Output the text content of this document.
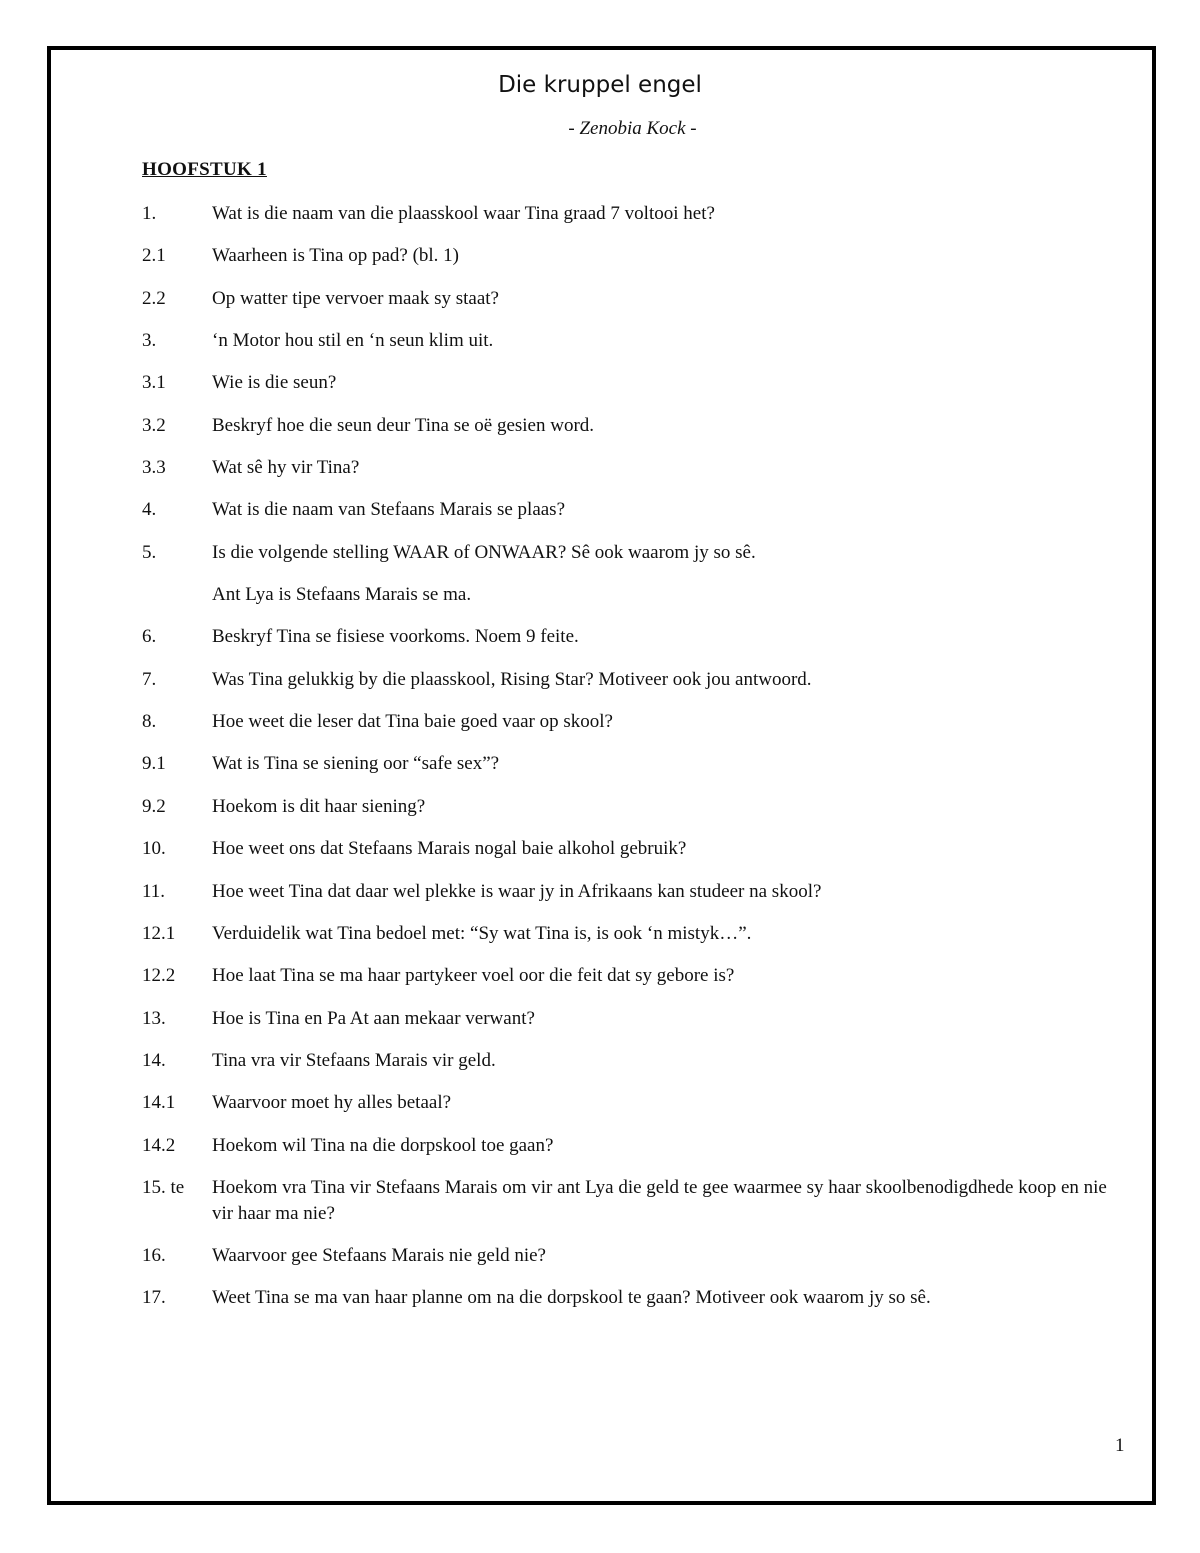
Die kruppel engel
- Zenobia Kock -
HOOFSTUK 1
1.	Wat is die naam van die plaasskool waar Tina graad 7 voltooi het?
2.1	Waarheen is Tina op pad? (bl. 1)
2.2	Op watter tipe vervoer maak sy staat?
3.	‘n Motor hou stil en ‘n seun klim uit.
3.1	Wie is die seun?
3.2	Beskryf hoe die seun deur Tina se oë gesien word.
3.3	Wat sê hy vir Tina?
4.	Wat is die naam van Stefaans Marais se plaas?
5.	Is die volgende stelling WAAR of ONWAAR? Sê ook waarom jy so sê.
Ant Lya is Stefaans Marais se ma.
6.	Beskryf Tina se fisiese voorkoms. Noem 9 feite.
7.	Was Tina gelukkig by die plaasskool, Rising Star? Motiveer ook jou antwoord.
8.	Hoe weet die leser dat Tina baie goed vaar op skool?
9.1	Wat is Tina se siening oor “safe sex”?
9.2	Hoekom is dit haar siening?
10.	Hoe weet ons dat Stefaans Marais nogal baie alkohol gebruik?
11.	Hoe weet Tina dat daar wel plekke is waar jy in Afrikaans kan studeer na skool?
12.1	Verduidelik wat Tina bedoel met: “Sy wat Tina is, is ook ‘n mistyk…”.
12.2	Hoe laat Tina se ma haar partykeer voel oor die feit dat sy gebore is?
13.	Hoe is Tina en Pa At aan mekaar verwant?
14.	Tina vra vir Stefaans Marais vir geld.
14.1	Waarvoor moet hy alles betaal?
14.2	Hoekom wil Tina na die dorpskool toe gaan?
15. te	Hoekom vra Tina vir Stefaans Marais om vir ant Lya die geld te gee waarmee sy haar skoolbenodigdhede koop en nie vir haar ma nie?
16.	Waarvoor gee Stefaans Marais nie geld nie?
17.	Weet Tina se ma van haar planne om na die dorpskool te gaan? Motiveer ook waarom jy so sê.
1
